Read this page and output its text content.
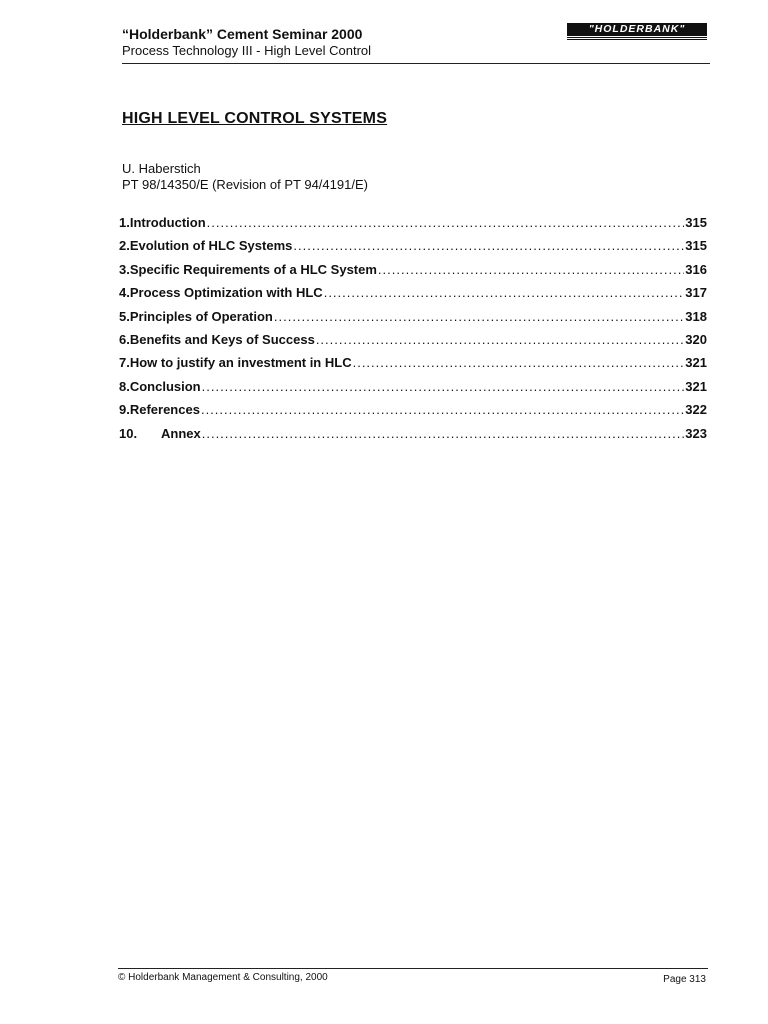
“Holderbank” Cement Seminar 2000
Process Technology III - High Level Control
"HOLDERBANK"
HIGH LEVEL CONTROL SYSTEMS
U. Haberstich
PT 98/14350/E (Revision of PT 94/4191/E)
1. Introduction .....	315
2. Evolution of HLC Systems .....	315
3. Specific Requirements of a HLC System .....	316
4. Process Optimization with HLC .....	317
5. Principles of Operation .....	318
6. Benefits and Keys of Success .....	320
7. How to justify an investment in HLC .....	321
8. Conclusion .....	321
9. References .....	322
10.	Annex .....	323
© Holderbank Management & Consulting, 2000	Page 313
